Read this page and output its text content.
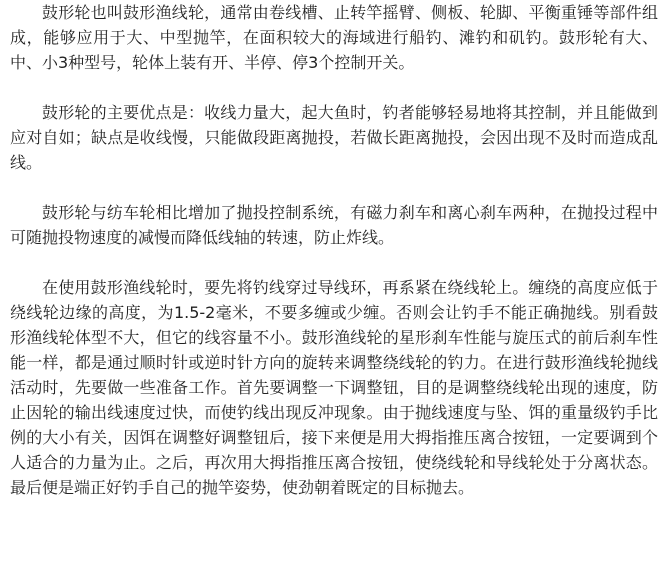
鼓形轮也叫鼓形渔线轮，通常由卷线槽、止转竿摇臂、侧板、轮脚、平衡重锤等部件组成，能够应用于大、中型抛竿，在面积较大的海域进行船钓、滩钓和矶钓。鼓形轮有大、中、小3种型号，轮体上装有开、半停、停3个控制开关。

鼓形轮的主要优点是：收线力量大，起大鱼时，钓者能够轻易地将其控制，并且能做到应对自如；缺点是收线慢，只能做段距离抛投，若做长距离抛投，会因出现不及时而造成乱线。

鼓形轮与纺车轮相比增加了抛投控制系统，有磁力刹车和离心刹车两种，在抛投过程中可随抛投物速度的减慢而降低线轴的转速，防止炸线。

在使用鼓形渔线轮时，要先将钓线穿过导线环，再系紧在绕线轮上。缠绕的高度应低于绕线轮边缘的高度，为1.5-2毫米，不要多缠或少缠。否则会让钓手不能正确抛线。别看鼓形渔线轮体型不大，但它的线容量不小。鼓形渔线轮的星形刹车性能与旋压式的前后刹车性能一样，都是通过顺时针或逆时针方向的旋转来调整绕线轮的钓力。在进行鼓形渔线轮抛线活动时，先要做一些准备工作。首先要调整一下调整钮，目的是调整绕线轮出现的速度，防止因轮的输出线速度过快，而使钓线出现反冲现象。由于抛线速度与坠、饵的重量级钓手比例的大小有关，因饵在调整好调整钮后，接下来便是用大拇指推压离合按钮，一定要调到个人适合的力量为止。之后，再次用大拇指推压离合按钮，使绕线轮和导线轮处于分离状态。最后便是端正好钓手自己的抛竿姿势，使劲朝着既定的目标抛去。
